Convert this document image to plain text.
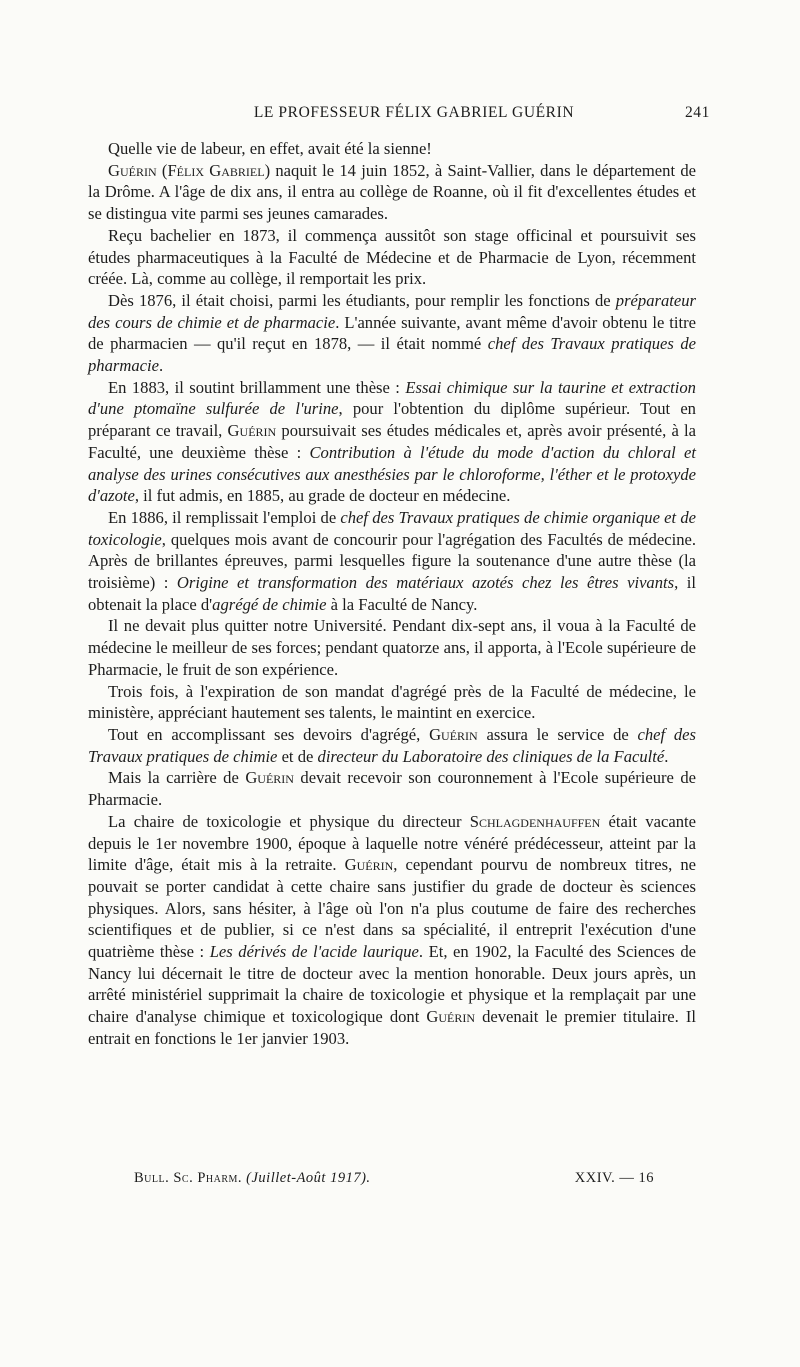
LE PROFESSEUR FÉLIX GABRIEL GUÉRIN	241

Quelle vie de labeur, en effet, avait été la sienne!

Guérin (Félix Gabriel) naquit le 14 juin 1852, à Saint-Vallier, dans le département de la Drôme. A l'âge de dix ans, il entra au collège de Roanne, où il fit d'excellentes études et se distingua vite parmi ses jeunes camarades.

Reçu bachelier en 1873, il commença aussitôt son stage officinal et poursuivit ses études pharmaceutiques à la Faculté de Médecine et de Pharmacie de Lyon, récemment créée. Là, comme au collège, il remportait les prix.

Dès 1876, il était choisi, parmi les étudiants, pour remplir les fonctions de préparateur des cours de chimie et de pharmacie. L'année suivante, avant même d'avoir obtenu le titre de pharmacien — qu'il reçut en 1878, — il était nommé chef des Travaux pratiques de pharmacie.

En 1883, il soutint brillamment une thèse : Essai chimique sur la taurine et extraction d'une ptomaïne sulfurée de l'urine, pour l'obtention du diplôme supérieur. Tout en préparant ce travail, Guérin poursuivait ses études médicales et, après avoir présenté, à la Faculté, une deuxième thèse : Contribution à l'étude du mode d'action du chloral et analyse des urines consécutives aux anesthésies par le chloroforme, l'éther et le protoxyde d'azote, il fut admis, en 1885, au grade de docteur en médecine.

En 1886, il remplissait l'emploi de chef des Travaux pratiques de chimie organique et de toxicologie, quelques mois avant de concourir pour l'agrégation des Facultés de médecine. Après de brillantes épreuves, parmi lesquelles figure la soutenance d'une autre thèse (la troisième) : Origine et transformation des matériaux azotés chez les êtres vivants, il obtenait la place d'agrégé de chimie à la Faculté de Nancy.

Il ne devait plus quitter notre Université. Pendant dix-sept ans, il voua à la Faculté de médecine le meilleur de ses forces; pendant quatorze ans, il apporta, à l'Ecole supérieure de Pharmacie, le fruit de son expérience.

Trois fois, à l'expiration de son mandat d'agrégé près de la Faculté de médecine, le ministère, appréciant hautement ses talents, le maintint en exercice.

Tout en accomplissant ses devoirs d'agrégé, Guérin assura le service de chef des Travaux pratiques de chimie et de directeur du Laboratoire des cliniques de la Faculté.

Mais la carrière de Guérin devait recevoir son couronnement à l'Ecole supérieure de Pharmacie.

La chaire de toxicologie et physique du directeur Schlagdenhauffen était vacante depuis le 1er novembre 1900, époque à laquelle notre vénéré prédécesseur, atteint par la limite d'âge, était mis à la retraite. Guérin, cependant pourvu de nombreux titres, ne pouvait se porter candidat à cette chaire sans justifier du grade de docteur ès sciences physiques. Alors, sans hésiter, à l'âge où l'on n'a plus coutume de faire des recherches scientifiques et de publier, si ce n'est dans sa spécialité, il entreprit l'exécution d'une quatrième thèse : Les dérivés de l'acide laurique. Et, en 1902, la Faculté des Sciences de Nancy lui décernait le titre de docteur avec la mention honorable. Deux jours après, un arrêté ministériel supprimait la chaire de toxicologie et physique et la remplaçait par une chaire d'analyse chimique et toxicologique dont Guérin devenait le premier titulaire. Il entrait en fonctions le 1er janvier 1903.

Bull. Sc. Pharm. (Juillet-Août 1917).	XXIV. — 16
